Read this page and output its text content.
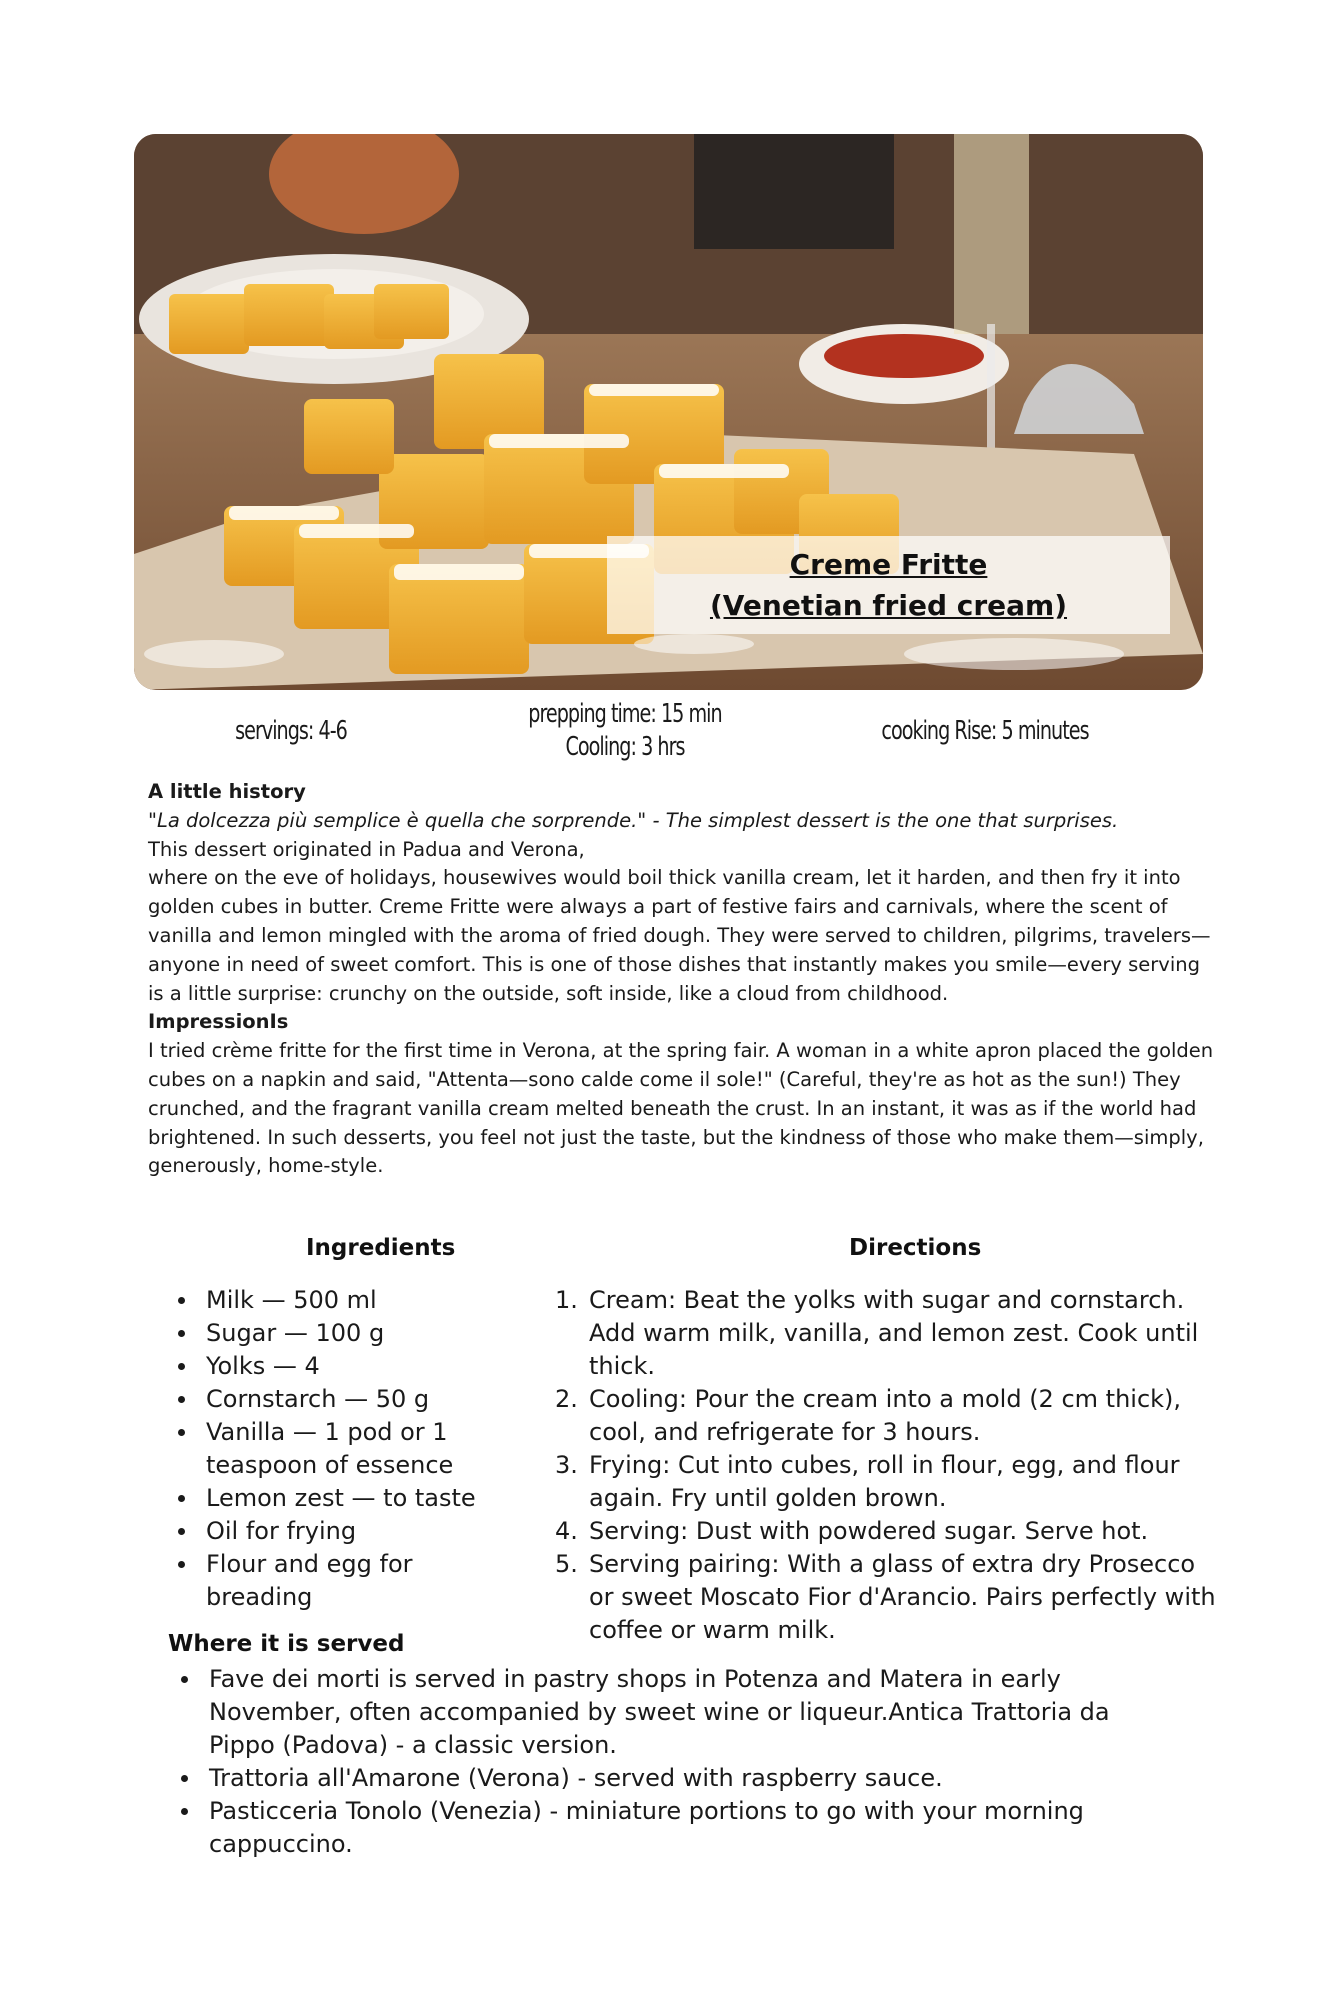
Creme Fritte
(Venetian fried cream)
servings: 4-6
prepping time: 15 min
Cooling: 3 hrs
cooking Rise: 5 minutes
A little history
"La dolcezza più semplice è quella che sorprende." - The simplest dessert is the one that surprises.
This dessert originated in Padua and Verona,
where on the eve of holidays, housewives would boil thick vanilla cream, let it harden, and then fry it into golden cubes in butter. Creme Fritte were always a part of festive fairs and carnivals, where the scent of vanilla and lemon mingled with the aroma of fried dough. They were served to children, pilgrims, travelers—anyone in need of sweet comfort. This is one of those dishes that instantly makes you smile—every serving is a little surprise: crunchy on the outside, soft inside, like a cloud from childhood.
ImpressionIs
I tried crème fritte for the first time in Verona, at the spring fair. A woman in a white apron placed the golden cubes on a napkin and said, "Attenta—sono calde come il sole!" (Careful, they're as hot as the sun!) They crunched, and the fragrant vanilla cream melted beneath the crust. In an instant, it was as if the world had brightened. In such desserts, you feel not just the taste, but the kindness of those who make them—simply, generously, home-style.
Ingredients
Milk — 500 ml
Sugar — 100 g
Yolks — 4
Cornstarch — 50 g
Vanilla — 1 pod or 1 teaspoon of essence
Lemon zest — to taste
Oil for frying
Flour and egg for breading
Directions
1. Cream: Beat the yolks with sugar and cornstarch. Add warm milk, vanilla, and lemon zest. Cook until thick.
2. Cooling: Pour the cream into a mold (2 cm thick), cool, and refrigerate for 3 hours.
3. Frying: Cut into cubes, roll in flour, egg, and flour again. Fry until golden brown.
4. Serving: Dust with powdered sugar. Serve hot.
5. Serving pairing: With a glass of extra dry Prosecco or sweet Moscato Fior d'Arancio. Pairs perfectly with coffee or warm milk.
Where it is served
Fave dei morti is served in pastry shops in Potenza and Matera in early November, often accompanied by sweet wine or liqueur.Antica Trattoria da Pippo (Padova) - a classic version.
Trattoria all'Amarone (Verona) - served with raspberry sauce.
Pasticceria Tonolo (Venezia) - miniature portions to go with your morning cappuccino.
